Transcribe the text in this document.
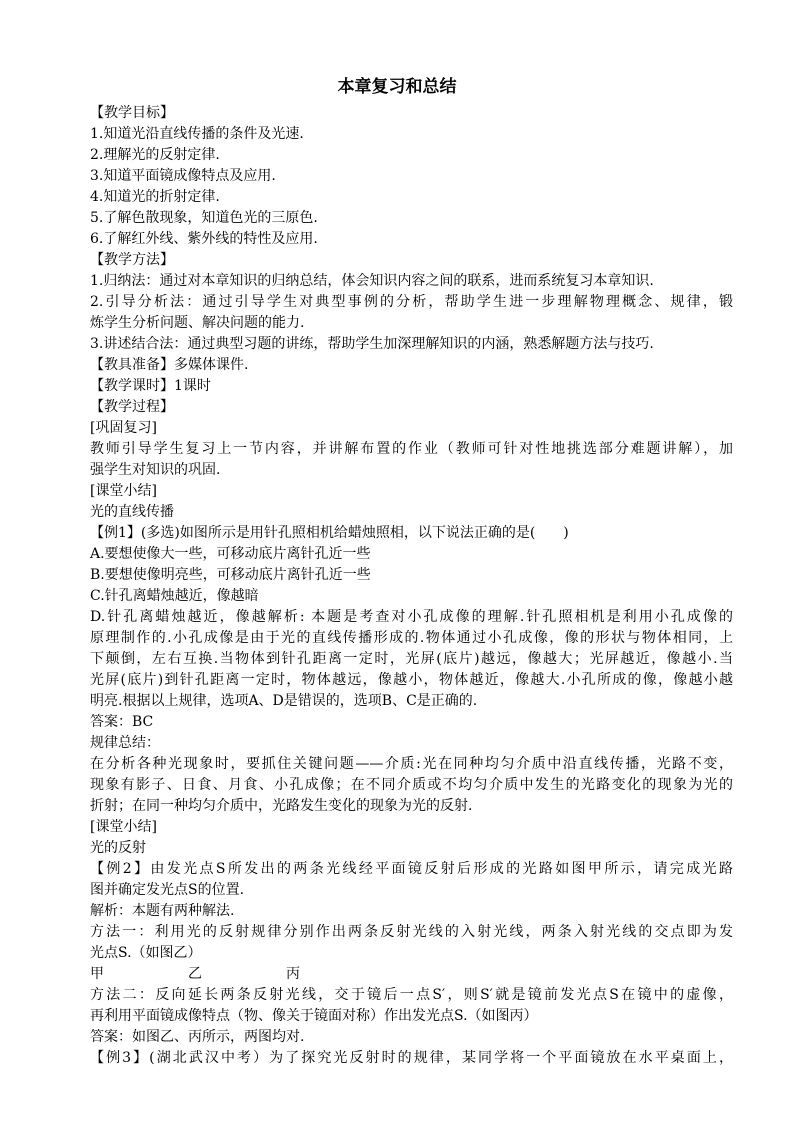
本章复习和总结
【教学目标】
1.知道光沿直线传播的条件及光速.
2.理解光的反射定律.
3.知道平面镜成像特点及应用.
4.知道光的折射定律.
5.了解色散现象，知道色光的三原色.
6.了解红外线、紫外线的特性及应用.
【教学方法】
1.归纳法：通过对本章知识的归纳总结，体会知识内容之间的联系，进而系统复习本章知识.
2.引导分析法：通过引导学生对典型事例的分析，帮助学生进一步理解物理概念、规律，锻
炼学生分析问题、解决问题的能力.
3.讲述结合法：通过典型习题的讲练，帮助学生加深理解知识的内涵，熟悉解题方法与技巧.
【教具准备】多媒体课件.
【教学课时】1课时
【教学过程】
[巩固复习]
教师引导学生复习上一节内容，并讲解布置的作业（教师可针对性地挑选部分难题讲解），加
强学生对知识的巩固.
[课堂小结]
光的直线传播
【例1】(多选)如图所示是用针孔照相机给蜡烛照相，以下说法正确的是(　　)
A.要想使像大一些，可移动底片离针孔近一些
B.要想使像明亮些，可移动底片离针孔近一些
C.针孔离蜡烛越近，像越暗
D.针孔离蜡烛越近，像越解析: 本题是考查对小孔成像的理解.针孔照相机是利用小孔成像的
原理制作的.小孔成像是由于光的直线传播形成的.物体通过小孔成像，像的形状与物体相同，上
下颠倒，左右互换.当物体到针孔距离一定时，光屏(底片)越远，像越大；光屏越近，像越小.当
光屏(底片)到针孔距离一定时，物体越远，像越小，物体越近，像越大.小孔所成的像，像越小越
明亮.根据以上规律，选项A、D是错误的，选项B、C是正确的.
答案：BC
规律总结：
在分析各种光现象时，要抓住关键问题——介质:光在同种均匀介质中沿直线传播，光路不变，
现象有影子、日食、月食、小孔成像；在不同介质或不均匀介质中发生的光路变化的现象为光的
折射；在同一种均匀介质中，光路发生变化的现象为光的反射.
[课堂小结]
光的反射
【例2】由发光点S所发出的两条光线经平面镜反射后形成的光路如图甲所示，请完成光路
图并确定发光点S的位置.
解析：本题有两种解法.
方法一：利用光的反射规律分别作出两条反射光线的入射光线，两条入射光线的交点即为发
光点S.（如图乙）
甲　　　　　　乙　　　　　　丙
方法二：反向延长两条反射光线，交于镜后一点S′，则S′就是镜前发光点S在镜中的虚像，
再利用平面镜成像特点（物、像关于镜面对称）作出发光点S.（如图丙）
答案：如图乙、丙所示，两图均对.
【例3】(湖北武汉中考）为了探究光反射时的规律，某同学将一个平面镜放在水平桌面上，
